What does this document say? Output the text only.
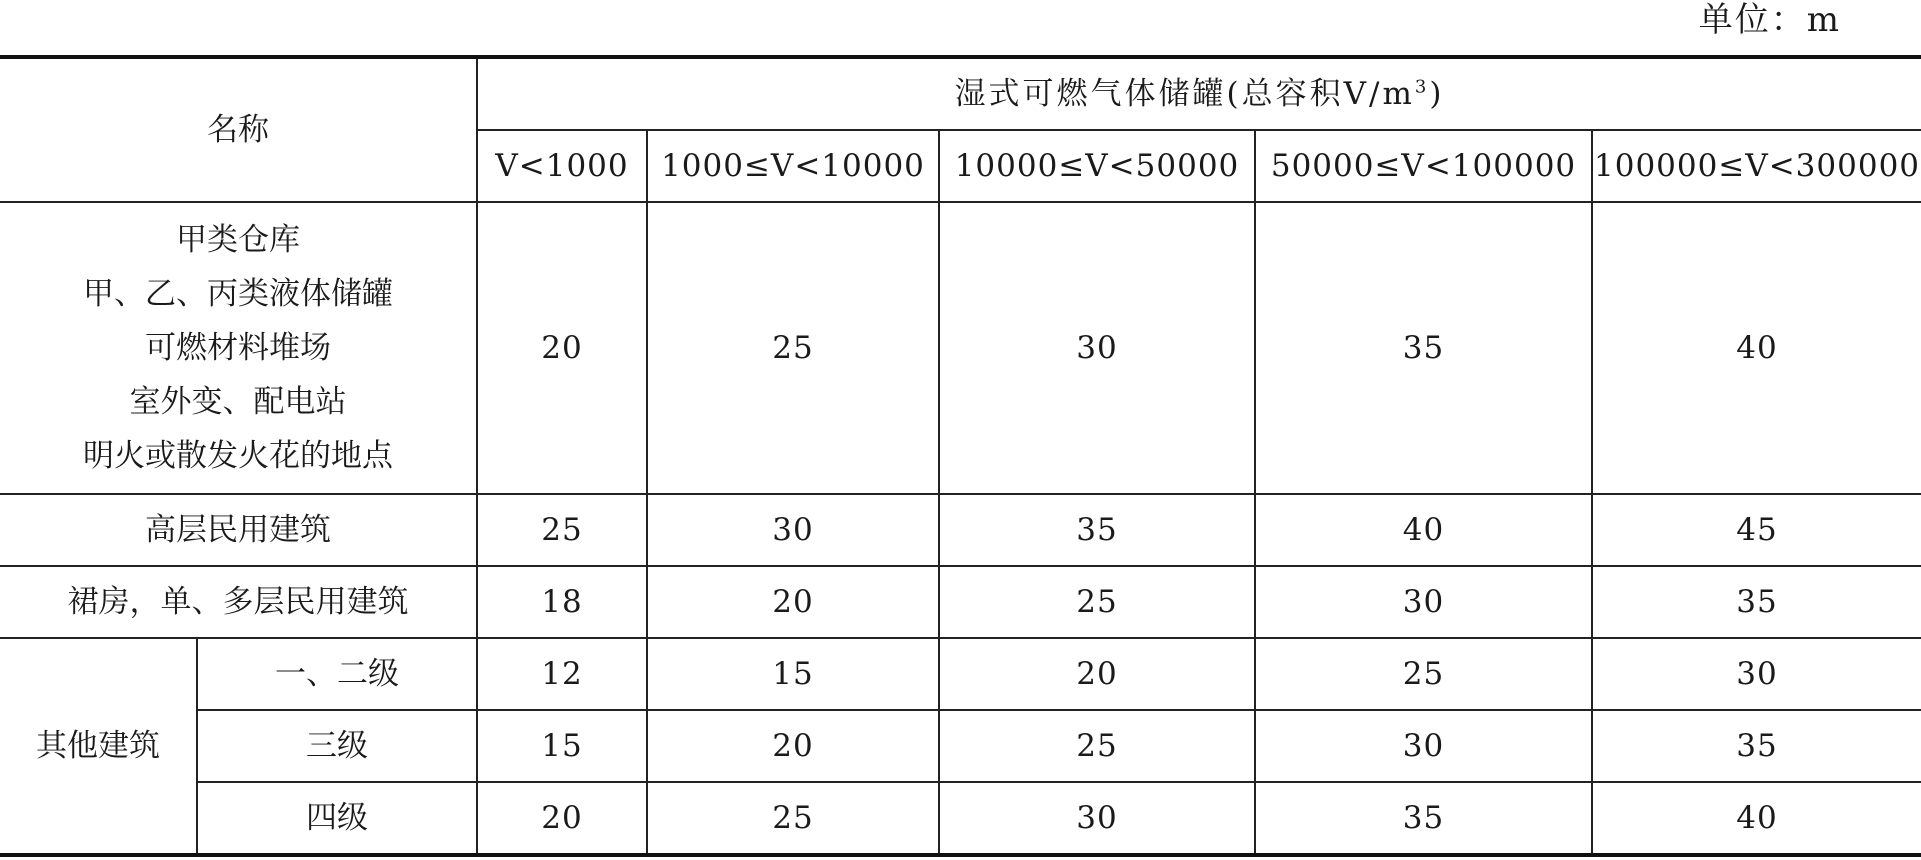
单位：m
名称		湿式可燃气体储罐(总容积$V/m^3$)				
		V<1000	1000≤V<10000	10000≤V<50000	50000≤V<100000	100000≤V<300000

甲类仓库
甲、乙、丙类液体储罐
可燃材料堆场
室外变、配电站
明火或散发火花的地点		20	25	30	35	40
高层民用建筑		25	30	35	40	45
裙房，单、多层民用建筑		18	20	25	30	35
其他建筑	一、二级	12	15	20	25	30
	三级	15	20	25	30	35
	四级	20	25	30	35	40
